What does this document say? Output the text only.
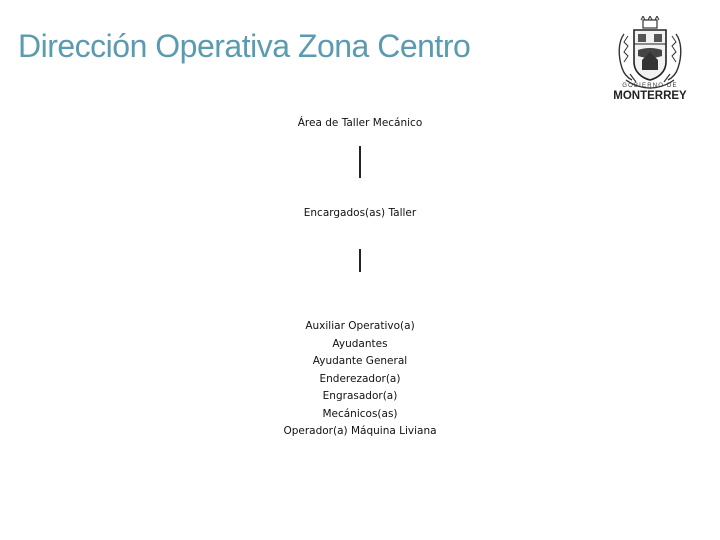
Dirección Operativa Zona Centro
GOBIERNO DE
MONTERREY
Área de Taller Mecánico
Encargados(as) Taller
Auxiliar Operativo(a)
Ayudantes
Ayudante General
Enderezador(a)
Engrasador(a)
Mecánicos(as)
Operador(a) Máquina Liviana
